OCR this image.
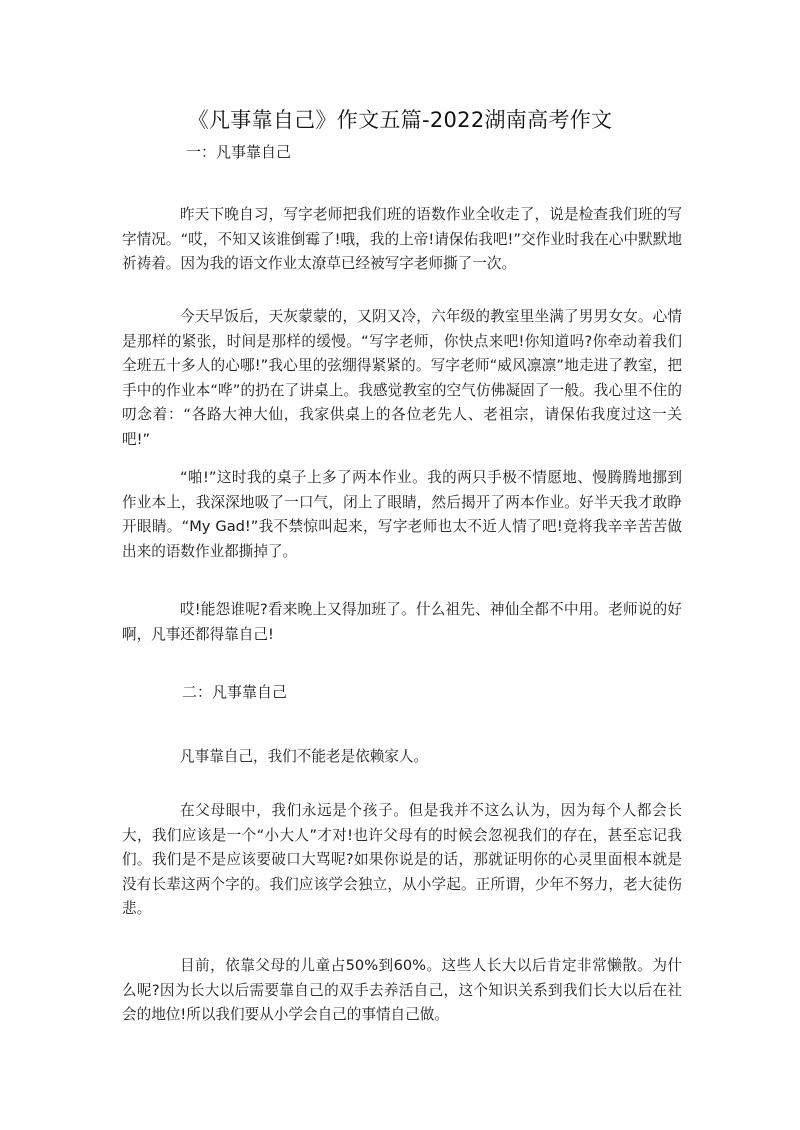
《凡事靠自己》作文五篇-2022湖南高考作文
一：凡事靠自己

昨天下晚自习，写字老师把我们班的语数作业全收走了，说是检查我们班的写字情况。“哎，不知又该谁倒霉了!哦，我的上帝!请保佑我吧!”交作业时我在心中默默地祈祷着。因为我的语文作业太潦草已经被写字老师撕了一次。

今天早饭后，天灰蒙蒙的，又阴又冷，六年级的教室里坐满了男男女女。心情是那样的紧张，时间是那样的缓慢。“写字老师，你快点来吧!你知道吗?你牵动着我们全班五十多人的心哪!”我心里的弦绷得紧紧的。写字老师“威风凛凛”地走进了教室，把手中的作业本“哗”的扔在了讲桌上。我感觉教室的空气仿佛凝固了一般。我心里不住的叨念着：“各路大神大仙，我家供桌上的各位老先人、老祖宗，请保佑我度过这一关吧!”

“啪!”这时我的桌子上多了两本作业。我的两只手极不情愿地、慢腾腾地挪到作业本上，我深深地吸了一口气，闭上了眼睛，然后揭开了两本作业。好半天我才敢睁开眼睛。“My Gad!”我不禁惊叫起来，写字老师也太不近人情了吧!竟将我辛辛苦苦做出来的语数作业都撕掉了。

哎!能怨谁呢?看来晚上又得加班了。什么祖先、神仙全都不中用。老师说的好啊，凡事还都得靠自己!

二：凡事靠自己

凡事靠自己，我们不能老是依赖家人。

在父母眼中，我们永远是个孩子。但是我并不这么认为，因为每个人都会长大，我们应该是一个“小大人”才对!也许父母有的时候会忽视我们的存在，甚至忘记我们。我们是不是应该要破口大骂呢?如果你说是的话，那就证明你的心灵里面根本就是没有长辈这两个字的。我们应该学会独立，从小学起。正所谓，少年不努力，老大徒伤悲。

目前，依靠父母的儿童占50%到60%。这些人长大以后肯定非常懒散。为什么呢?因为长大以后需要靠自己的双手去养活自己，这个知识关系到我们长大以后在社会的地位!所以我们要从小学会自己的事情自己做。
